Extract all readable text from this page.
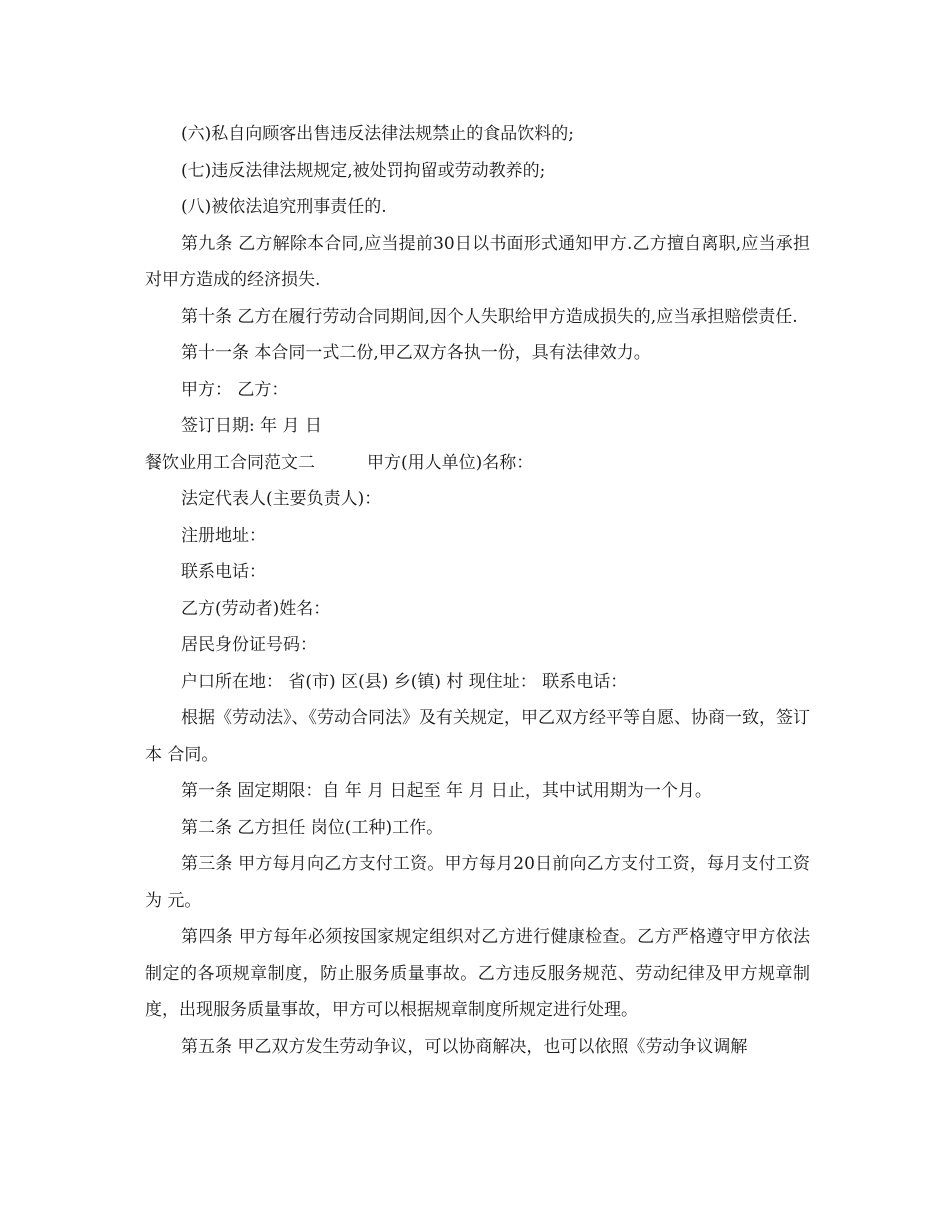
(六)私自向顾客出售违反法律法规禁止的食品饮料的;

(七)违反法律法规规定,被处罚拘留或劳动教养的;

(八)被依法追究刑事责任的.

第九条 乙方解除本合同,应当提前30日以书面形式通知甲方.乙方擅自离职,应当承担对甲方造成的经济损失.

第十条 乙方在履行劳动合同期间,因个人失职给甲方造成损失的,应当承担赔偿责任.

第十一条 本合同一式二份,甲乙双方各执一份，具有法律效力。

甲方： 乙方：

签订日期: 年 月 日

餐饮业用工合同范文二	甲方(用人单位)名称：

法定代表人(主要负责人)：

注册地址：

联系电话：

乙方(劳动者)姓名：

居民身份证号码：

户口所在地： 省(市) 区(县) 乡(镇) 村 现住址： 联系电话：

根据《劳动法》、《劳动合同法》及有关规定，甲乙双方经平等自愿、协商一致，签订本 合同。

第一条 固定期限：自 年 月 日起至 年 月 日止，其中试用期为一个月。

第二条 乙方担任 岗位(工种)工作。

第三条 甲方每月向乙方支付工资。甲方每月20日前向乙方支付工资，每月支付工资为 元。

第四条 甲方每年必须按国家规定组织对乙方进行健康检查。乙方严格遵守甲方依法制定的各项规章制度，防止服务质量事故。乙方违反服务规范、劳动纪律及甲方规章制度，出现服务质量事故，甲方可以根据规章制度所规定进行处理。

第五条 甲乙双方发生劳动争议，可以协商解决，也可以依照《劳动争议调解
